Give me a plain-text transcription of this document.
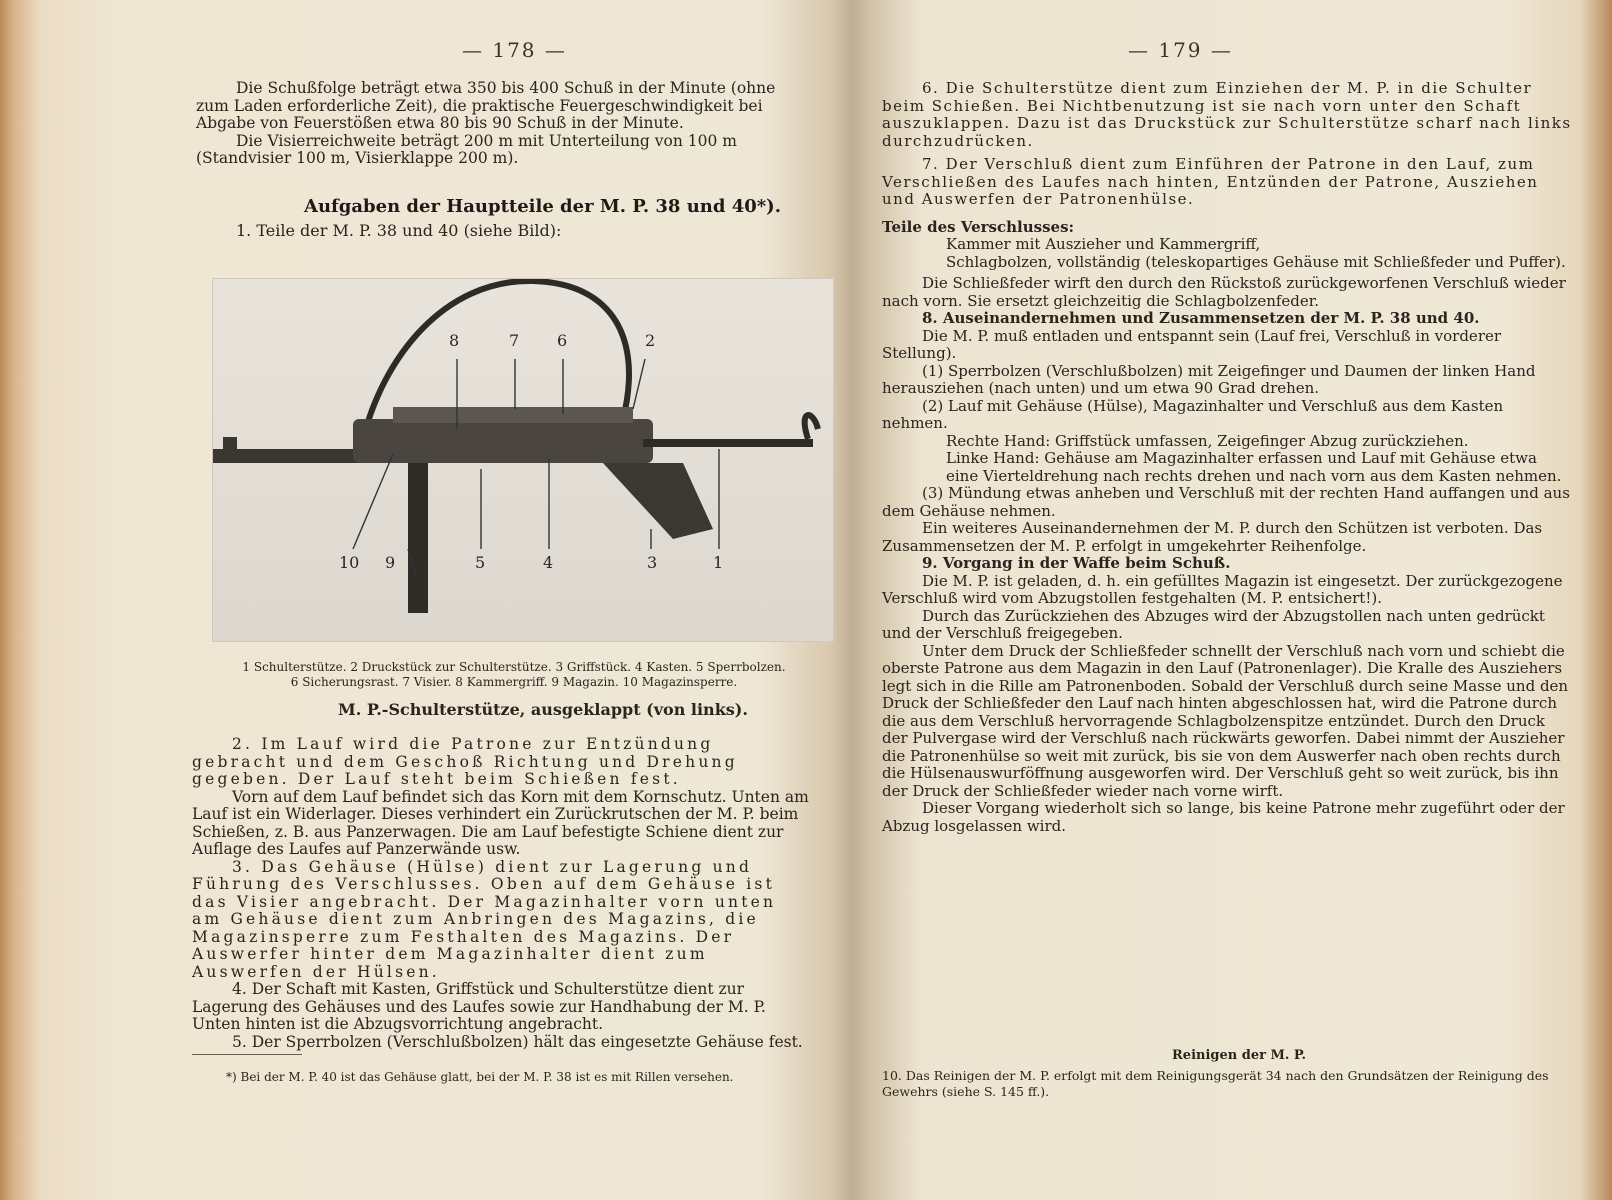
— 178 —

Die Schußfolge beträgt etwa 350 bis 400 Schuß in der Minute (ohne zum Laden erforderliche Zeit), die praktische Feuergeschwindigkeit bei Abgabe von Feuerstößen etwa 80 bis 90 Schuß in der Minute.

Die Visierreichweite beträgt 200 m mit Unterteilung von 100 m (Standvisier 100 m, Visierklappe 200 m).

Aufgaben der Hauptteile der M. P. 38 und 40*).
1. Teile der M. P. 38 und 40 (siehe Bild):
8	7 6	2
10 9	5	4	3	1
1 Schulterstütze. 2 Druckstück zur Schulterstütze. 3 Griffstück. 4 Kasten. 5 Sperrbolzen.
6 Sicherungsrast. 7 Visier. 8 Kammergriff. 9 Magazin. 10 Magazinsperre.
M. P.-Schulterstütze, ausgeklappt (von links).

2. Im Lauf wird die Patrone zur Entzündung gebracht und dem Geschoß Richtung und Drehung gegeben. Der Lauf steht beim Schießen fest.

Vorn auf dem Lauf befindet sich das Korn mit dem Kornschutz. Unten am Lauf ist ein Widerlager. Dieses verhindert ein Zurückrutschen der M. P. beim Schießen, z. B. aus Panzerwagen. Die am Lauf befestigte Schiene dient zur Auflage des Laufes auf Panzerwände usw.

3. Das Gehäuse (Hülse) dient zur Lagerung und Führung des Verschlusses. Oben auf dem Gehäuse ist das Visier angebracht. Der Magazinhalter vorn unten am Gehäuse dient zum Anbringen des Magazins, die Magazinsperre zum Festhalten des Magazins. Der Auswerfer hinter dem Magazinhalter dient zum Auswerfen der Hülsen.

4. Der Schaft mit Kasten, Griffstück und Schulterstütze dient zur Lagerung des Gehäuses und des Laufes sowie zur Handhabung der M. P. Unten hinten ist die Abzugsvorrichtung angebracht.

5. Der Sperrbolzen (Verschlußbolzen) hält das eingesetzte Gehäuse fest.

*) Bei der M. P. 40 ist das Gehäuse glatt, bei der M. P. 38 ist es mit Rillen versehen.
— 179 —

6. Die Schulterstütze dient zum Einziehen der M. P. in die Schulter beim Schießen. Bei Nichtbenutzung ist sie nach vorn unter den Schaft auszuklappen. Dazu ist das Druckstück zur Schulterstütze scharf nach links durchzudrücken.

7. Der Verschluß dient zum Einführen der Patrone in den Lauf, zum Verschließen des Laufes nach hinten, Entzünden der Patrone, Ausziehen und Auswerfen der Patronenhülse.

Teile des Verschlusses:

Kammer mit Auszieher und Kammergriff,

Schlagbolzen, vollständig (teleskopartiges Gehäuse mit Schließfeder und Puffer).

Die Schließfeder wirft den durch den Rückstoß zurückgeworfenen Verschluß wieder nach vorn. Sie ersetzt gleichzeitig die Schlagbolzenfeder.

8. Auseinandernehmen und Zusammensetzen der M. P. 38 und 40.

Die M. P. muß entladen und entspannt sein (Lauf frei, Verschluß in vorderer Stellung).

(1) Sperrbolzen (Verschlußbolzen) mit Zeigefinger und Daumen der linken Hand herausziehen (nach unten) und um etwa 90 Grad drehen.

(2) Lauf mit Gehäuse (Hülse), Magazinhalter und Verschluß aus dem Kasten nehmen.

Rechte Hand: Griffstück umfassen, Zeigefinger Abzug zurückziehen.

Linke Hand: Gehäuse am Magazinhalter erfassen und Lauf mit Gehäuse etwa eine Vierteldrehung nach rechts drehen und nach vorn aus dem Kasten nehmen.

(3) Mündung etwas anheben und Verschluß mit der rechten Hand auffangen und aus dem Gehäuse nehmen.

Ein weiteres Auseinandernehmen der M. P. durch den Schützen ist verboten. Das Zusammensetzen der M. P. erfolgt in umgekehrter Reihenfolge.

9. Vorgang in der Waffe beim Schuß.

Die M. P. ist geladen, d. h. ein gefülltes Magazin ist eingesetzt. Der zurückgezogene Verschluß wird vom Abzugstollen festgehalten (M. P. entsichert!).

Durch das Zurückziehen des Abzuges wird der Abzugstollen nach unten gedrückt und der Verschluß freigegeben.

Unter dem Druck der Schließfeder schnellt der Verschluß nach vorn und schiebt die oberste Patrone aus dem Magazin in den Lauf (Patronenlager). Die Kralle des Ausziehers legt sich in die Rille am Patronenboden. Sobald der Verschluß durch seine Masse und den Druck der Schließfeder den Lauf nach hinten abgeschlossen hat, wird die Patrone durch die aus dem Verschluß hervorragende Schlagbolzenspitze entzündet. Durch den Druck der Pulvergase wird der Verschluß nach rückwärts geworfen. Dabei nimmt der Auszieher die Patronenhülse so weit mit zurück, bis sie von dem Auswerfer nach oben rechts durch die Hülsenauswurföffnung ausgeworfen wird. Der Verschluß geht so weit zurück, bis ihn der Druck der Schließfeder wieder nach vorne wirft.

Dieser Vorgang wiederholt sich so lange, bis keine Patrone mehr zugeführt oder der Abzug losgelassen wird.

Reinigen der M. P.
10. Das Reinigen der M. P. erfolgt mit dem Reinigungsgerät 34 nach den Grundsätzen der Reinigung des Gewehrs (siehe S. 145 ff.).
